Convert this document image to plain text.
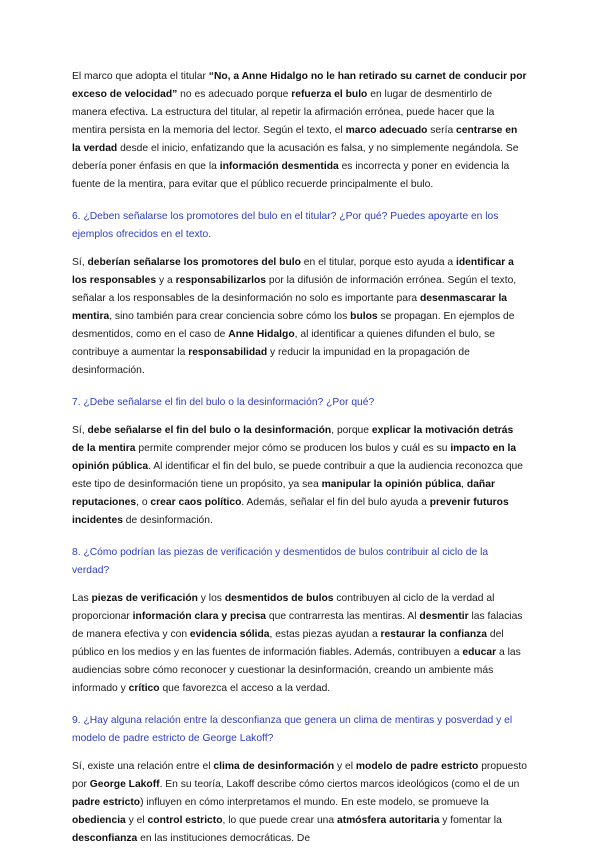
El marco que adopta el titular “No, a Anne Hidalgo no le han retirado su carnet de conducir por exceso de velocidad” no es adecuado porque refuerza el bulo en lugar de desmentirlo de manera efectiva. La estructura del titular, al repetir la afirmación errónea, puede hacer que la mentira persista en la memoria del lector. Según el texto, el marco adecuado sería centrarse en la verdad desde el inicio, enfatizando que la acusación es falsa, y no simplemente negándola. Se debería poner énfasis en que la información desmentida es incorrecta y poner en evidencia la fuente de la mentira, para evitar que el público recuerde principalmente el bulo.

6. ¿Deben señalarse los promotores del bulo en el titular? ¿Por qué? Puedes apoyarte en los ejemplos ofrecidos en el texto.

Sí, deberían señalarse los promotores del bulo en el titular, porque esto ayuda a identificar a los responsables y a responsabilizarlos por la difusión de información errónea. Según el texto, señalar a los responsables de la desinformación no solo es importante para desenmascarar la mentira, sino también para crear conciencia sobre cómo los bulos se propagan. En ejemplos de desmentidos, como en el caso de Anne Hidalgo, al identificar a quienes difunden el bulo, se contribuye a aumentar la responsabilidad y reducir la impunidad en la propagación de desinformación.

7. ¿Debe señalarse el fin del bulo o la desinformación? ¿Por qué?

Sí, debe señalarse el fin del bulo o la desinformación, porque explicar la motivación detrás de la mentira permite comprender mejor cómo se producen los bulos y cuál es su impacto en la opinión pública. Al identificar el fin del bulo, se puede contribuir a que la audiencia reconozca que este tipo de desinformación tiene un propósito, ya sea manipular la opinión pública, dañar reputaciones, o crear caos político. Además, señalar el fin del bulo ayuda a prevenir futuros incidentes de desinformación.

8. ¿Cómo podrían las piezas de verificación y desmentidos de bulos contribuir al ciclo de la verdad?

Las piezas de verificación y los desmentidos de bulos contribuyen al ciclo de la verdad al proporcionar información clara y precisa que contrarresta las mentiras. Al desmentir las falacias de manera efectiva y con evidencia sólida, estas piezas ayudan a restaurar la confianza del público en los medios y en las fuentes de información fiables. Además, contribuyen a educar a las audiencias sobre cómo reconocer y cuestionar la desinformación, creando un ambiente más informado y crítico que favorezca el acceso a la verdad.

9. ¿Hay alguna relación entre la desconfianza que genera un clima de mentiras y posverdad y el modelo de padre estricto de George Lakoff?

Sí, existe una relación entre el clima de desinformación y el modelo de padre estricto propuesto por George Lakoff. En su teoría, Lakoff describe cómo ciertos marcos ideológicos (como el de un padre estricto) influyen en cómo interpretamos el mundo. En este modelo, se promueve la obediencia y el control estricto, lo que puede crear una atmósfera autoritaria y fomentar la desconfianza en las instituciones democráticas. De
